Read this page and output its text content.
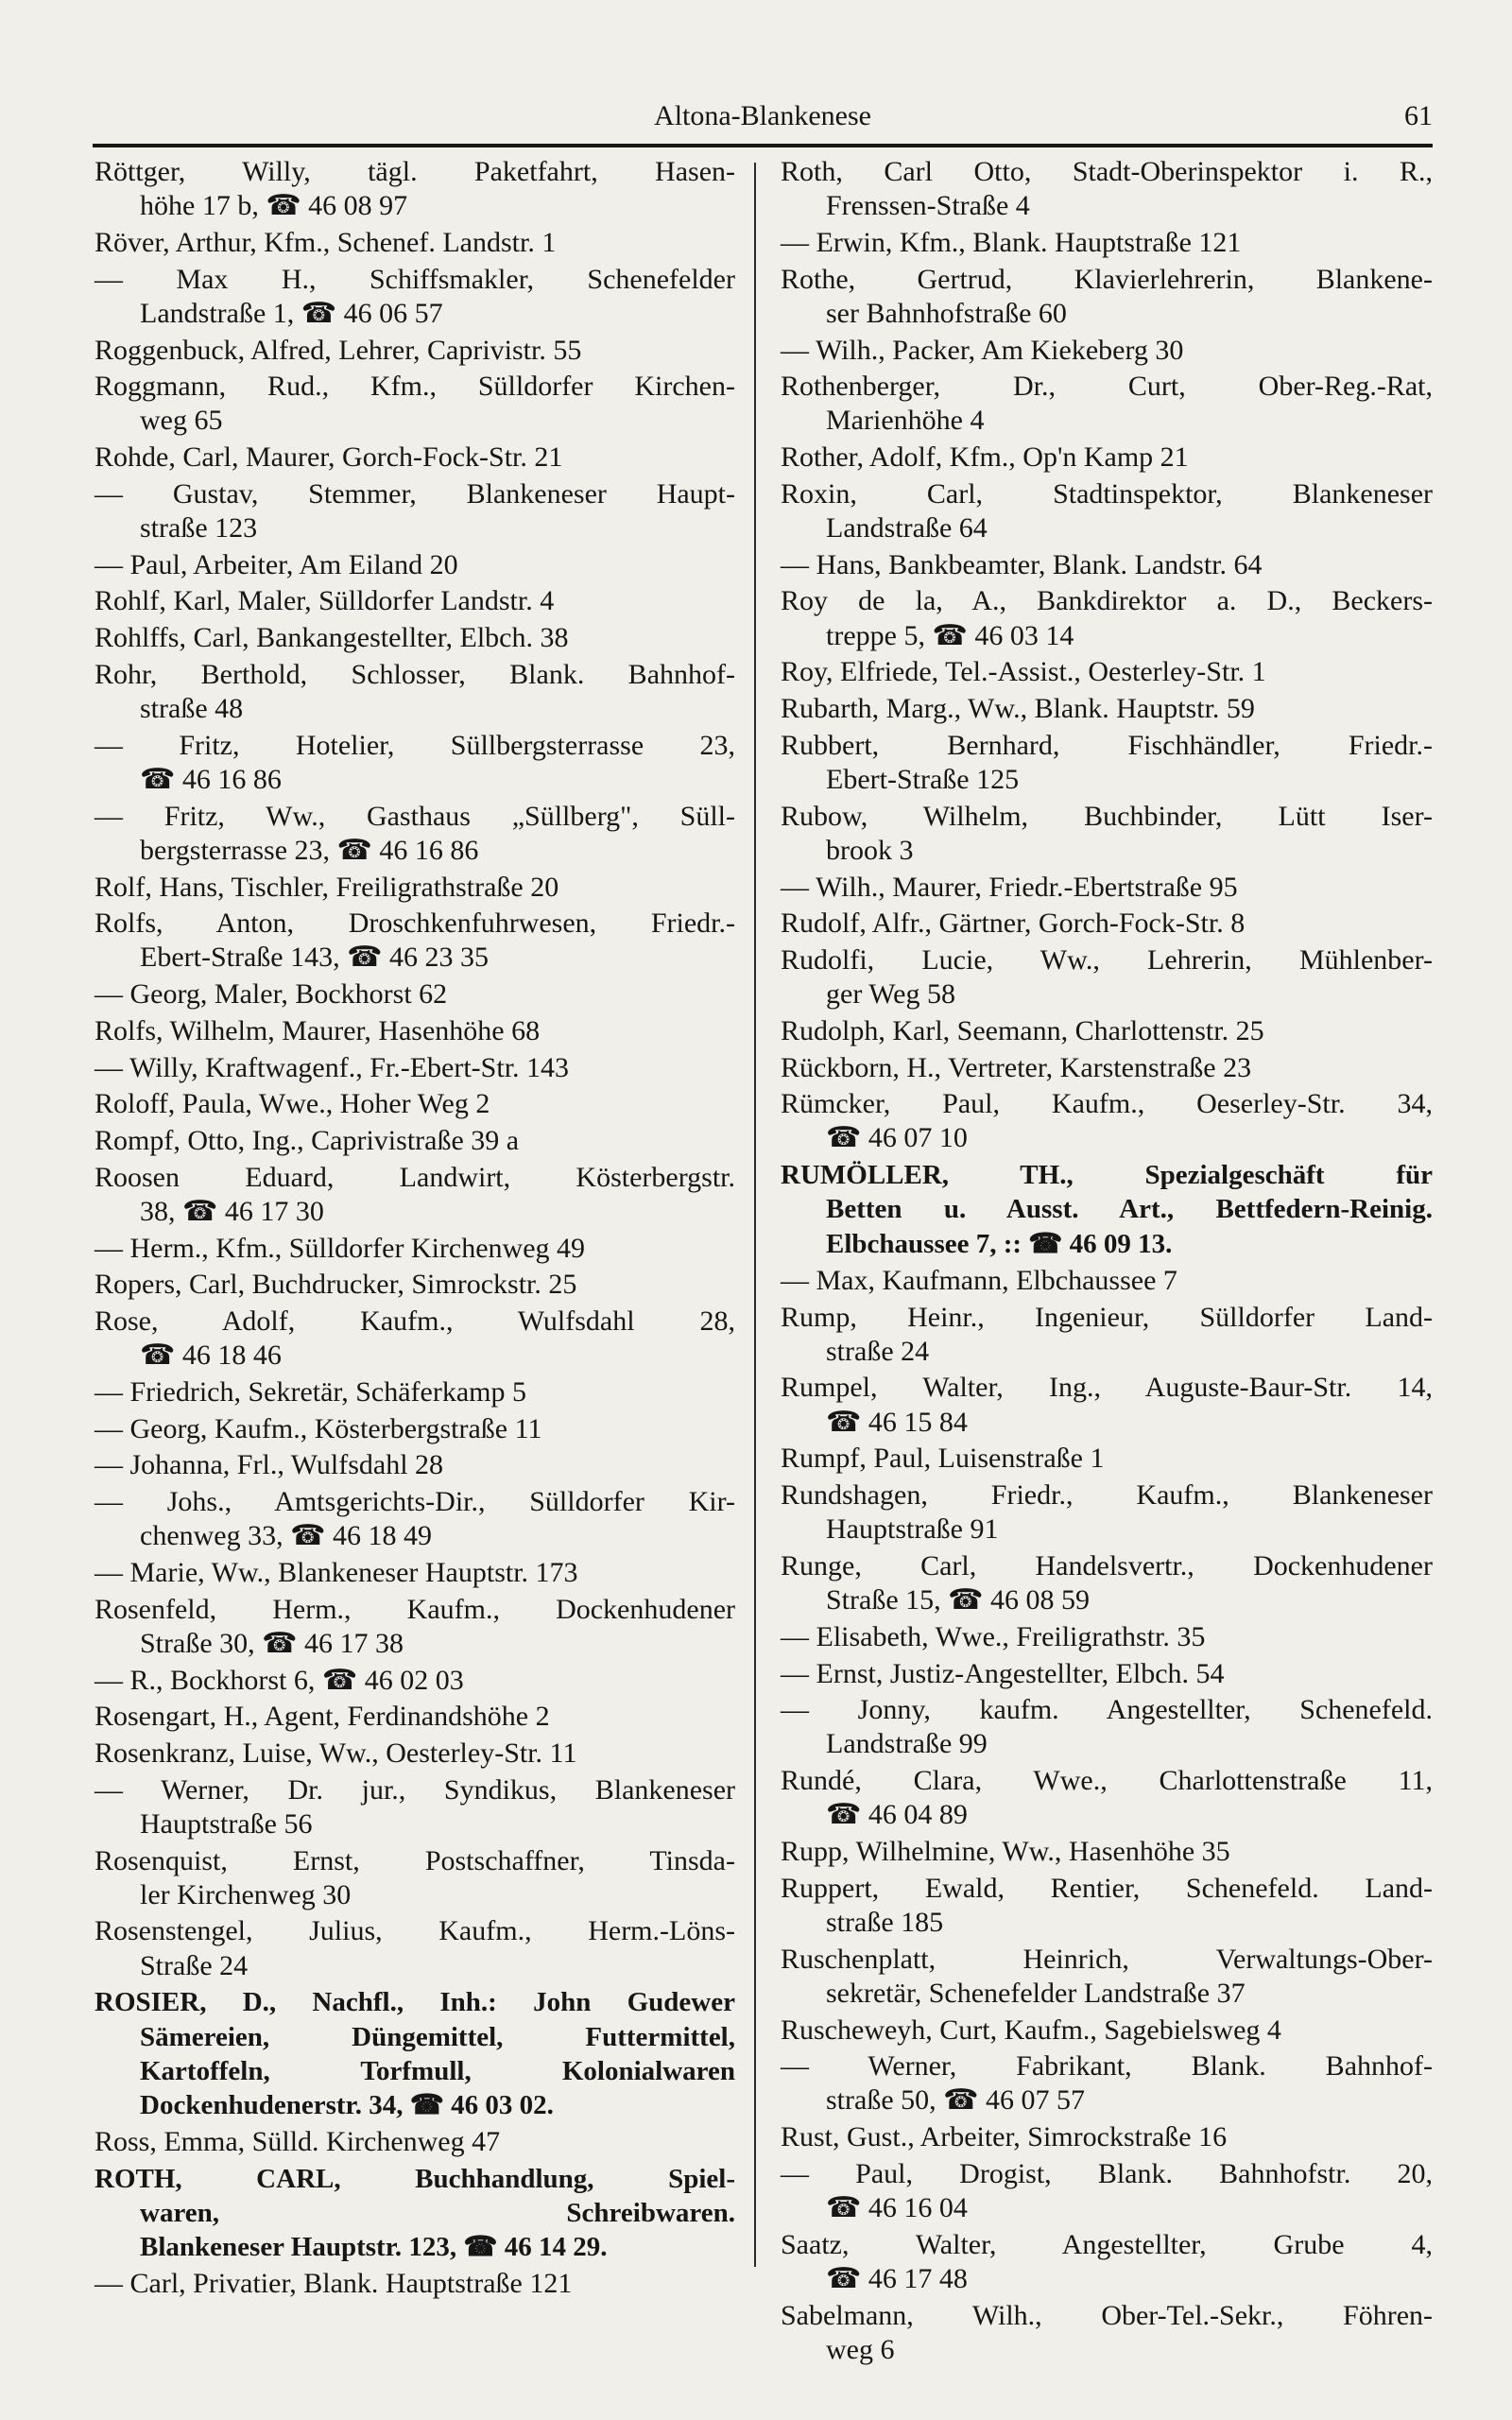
Altona-Blankenese	61
Röttger, Willy, tägl. Paketfahrt, Hasen-
höhe 17 b, ☎ 46 08 97
Röver, Arthur, Kfm., Schenef. Landstr. 1
— Max H., Schiffsmakler, Schenefelder
Landstraße 1, ☎ 46 06 57
Roggenbuck, Alfred, Lehrer, Caprivistr. 55
Roggmann, Rud., Kfm., Sülldorfer Kirchen-
weg 65
Rohde, Carl, Maurer, Gorch-Fock-Str. 21
— Gustav, Stemmer, Blankeneser Haupt-
straße 123
— Paul, Arbeiter, Am Eiland 20
Rohlf, Karl, Maler, Sülldorfer Landstr. 4
Rohlffs, Carl, Bankangestellter, Elbch. 38
Rohr, Berthold, Schlosser, Blank. Bahnhof-
straße 48
— Fritz, Hotelier, Süllbergsterrasse 23,
☎ 46 16 86
— Fritz, Ww., Gasthaus „Süllberg", Süll-
bergsterrasse 23, ☎ 46 16 86
Rolf, Hans, Tischler, Freiligrathstraße 20
Rolfs, Anton, Droschkenfuhrwesen, Friedr.-
Ebert-Straße 143, ☎ 46 23 35
— Georg, Maler, Bockhorst 62
Rolfs, Wilhelm, Maurer, Hasenhöhe 68
— Willy, Kraftwagenf., Fr.-Ebert-Str. 143
Roloff, Paula, Wwe., Hoher Weg 2
Rompf, Otto, Ing., Caprivistraße 39 a
Roosen Eduard, Landwirt, Kösterbergstr.
38, ☎ 46 17 30
— Herm., Kfm., Sülldorfer Kirchenweg 49
Ropers, Carl, Buchdrucker, Simrockstr. 25
Rose, Adolf, Kaufm., Wulfsdahl 28,
☎ 46 18 46
— Friedrich, Sekretär, Schäferkamp 5
— Georg, Kaufm., Kösterbergstraße 11
— Johanna, Frl., Wulfsdahl 28
— Johs., Amtsgerichts-Dir., Sülldorfer Kir-
chenweg 33, ☎ 46 18 49
— Marie, Ww., Blankeneser Hauptstr. 173
Rosenfeld, Herm., Kaufm., Dockenhudener
Straße 30, ☎ 46 17 38
— R., Bockhorst 6, ☎ 46 02 03
Rosengart, H., Agent, Ferdinandshöhe 2
Rosenkranz, Luise, Ww., Oesterley-Str. 11
— Werner, Dr. jur., Syndikus, Blankeneser
Hauptstraße 56
Rosenquist, Ernst, Postschaffner, Tinsda-
ler Kirchenweg 30
Rosenstengel, Julius, Kaufm., Herm.-Löns-
Straße 24
ROSIER, D., Nachfl., Inh.: John Gudewer
Sämereien, Düngemittel, Futtermittel,
Kartoffeln, Torfmull, Kolonialwaren
Dockenhudenerstr. 34, ☎ 46 03 02.
Ross, Emma, Sülld. Kirchenweg 47
ROTH, CARL, Buchhandlung, Spiel-
waren, Schreibwaren.
Blankeneser Hauptstr. 123, ☎ 46 14 29.
— Carl, Privatier, Blank. Hauptstraße 121
Roth, Carl Otto, Stadt-Oberinspektor i. R.,
Frenssen-Straße 4
— Erwin, Kfm., Blank. Hauptstraße 121
Rothe, Gertrud, Klavierlehrerin, Blankene-
ser Bahnhofstraße 60
— Wilh., Packer, Am Kiekeberg 30
Rothenberger, Dr., Curt, Ober-Reg.-Rat,
Marienhöhe 4
Rother, Adolf, Kfm., Op'n Kamp 21
Roxin, Carl, Stadtinspektor, Blankeneser
Landstraße 64
— Hans, Bankbeamter, Blank. Landstr. 64
Roy de la, A., Bankdirektor a. D., Beckers-
treppe 5, ☎ 46 03 14
Roy, Elfriede, Tel.-Assist., Oesterley-Str. 1
Rubarth, Marg., Ww., Blank. Hauptstr. 59
Rubbert, Bernhard, Fischhändler, Friedr.-
Ebert-Straße 125
Rubow, Wilhelm, Buchbinder, Lütt Iser-
brook 3
— Wilh., Maurer, Friedr.-Ebertstraße 95
Rudolf, Alfr., Gärtner, Gorch-Fock-Str. 8
Rudolfi, Lucie, Ww., Lehrerin, Mühlenber-
ger Weg 58
Rudolph, Karl, Seemann, Charlottenstr. 25
Rückborn, H., Vertreter, Karstenstraße 23
Rümcker, Paul, Kaufm., Oeserley-Str. 34,
☎ 46 07 10
RUMÖLLER, TH., Spezialgeschäft für
Betten u. Ausst. Art., Bettfedern-Reinig.
Elbchaussee 7, :: ☎ 46 09 13.
— Max, Kaufmann, Elbchaussee 7
Rump, Heinr., Ingenieur, Sülldorfer Land-
straße 24
Rumpel, Walter, Ing., Auguste-Baur-Str. 14,
☎ 46 15 84
Rumpf, Paul, Luisenstraße 1
Rundshagen, Friedr., Kaufm., Blankeneser
Hauptstraße 91
Runge, Carl, Handelsvertr., Dockenhudener
Straße 15, ☎ 46 08 59
— Elisabeth, Wwe., Freiligrathstr. 35
— Ernst, Justiz-Angestellter, Elbch. 54
— Jonny, kaufm. Angestellter, Schenefeld.
Landstraße 99
Rundé, Clara, Wwe., Charlottenstraße 11,
☎ 46 04 89
Rupp, Wilhelmine, Ww., Hasenhöhe 35
Ruppert, Ewald, Rentier, Schenefeld. Land-
straße 185
Ruschenplatt, Heinrich, Verwaltungs-Ober-
sekretär, Schenefelder Landstraße 37
Ruscheweyh, Curt, Kaufm., Sagebielsweg 4
— Werner, Fabrikant, Blank. Bahnhof-
straße 50, ☎ 46 07 57
Rust, Gust., Arbeiter, Simrockstraße 16
— Paul, Drogist, Blank. Bahnhofstr. 20,
☎ 46 16 04
Saatz, Walter, Angestellter, Grube 4,
☎ 46 17 48
Sabelmann, Wilh., Ober-Tel.-Sekr., Föhren-
weg 6
